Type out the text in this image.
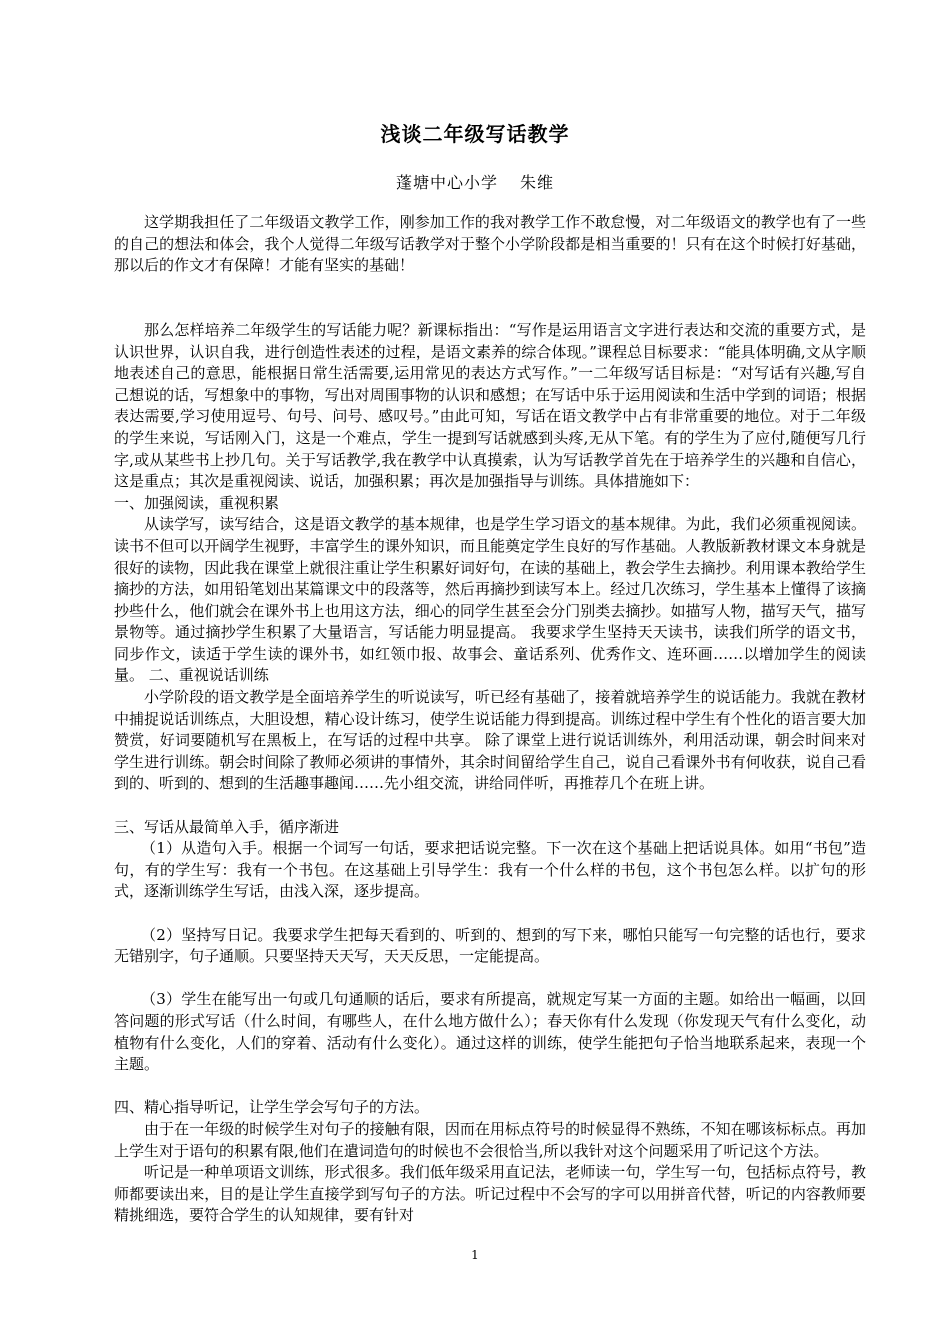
浅谈二年级写话教学
蓬塘中心小学 朱维

这学期我担任了二年级语文教学工作，刚参加工作的我对教学工作不敢怠慢，对二年级语文的教学也有了一些的自己的想法和体会，我个人觉得二年级写话教学对于整个小学阶段都是相当重要的！只有在这个时候打好基础，那以后的作文才有保障！才能有坚实的基础！

那么怎样培养二年级学生的写话能力呢？新课标指出：“写作是运用语言文字进行表达和交流的重要方式，是认识世界，认识自我，进行创造性表述的过程，是语文素养的综合体现。”课程总目标要求：“能具体明确,文从字顺地表述自己的意思，能根据日常生活需要,运用常见的表达方式写作。”一二年级写话目标是：“对写话有兴趣,写自己想说的话，写想象中的事物，写出对周围事物的认识和感想；在写话中乐于运用阅读和生活中学到的词语；根据表达需要,学习使用逗号、句号、问号、感叹号。”由此可知，写话在语文教学中占有非常重要的地位。对于二年级的学生来说，写话刚入门，这是一个难点，学生一提到写话就感到头疼,无从下笔。有的学生为了应付,随便写几行字,或从某些书上抄几句。关于写话教学,我在教学中认真摸索，认为写话教学首先在于培养学生的兴趣和自信心，这是重点；其次是重视阅读、说话，加强积累；再次是加强指导与训练。具体措施如下：

一、加强阅读，重视积累

从读学写，读写结合，这是语文教学的基本规律，也是学生学习语文的基本规律。为此，我们必须重视阅读。读书不但可以开阔学生视野，丰富学生的课外知识，而且能奠定学生良好的写作基础。人教版新教材课文本身就是很好的读物，因此我在课堂上就很注重让学生积累好词好句，在读的基础上，教会学生去摘抄。利用课本教给学生摘抄的方法，如用铅笔划出某篇课文中的段落等，然后再摘抄到读写本上。经过几次练习，学生基本上懂得了该摘抄些什么，他们就会在课外书上也用这方法，细心的同学生甚至会分门别类去摘抄。如描写人物，描写天气，描写景物等。通过摘抄学生积累了大量语言，写话能力明显提高。 我要求学生坚持天天读书，读我们所学的语文书，同步作文，读适于学生读的课外书，如红领巾报、故事会、童话系列、优秀作文、连环画……以增加学生的阅读量。 二、重视说话训练

小学阶段的语文教学是全面培养学生的听说读写，听已经有基础了，接着就培养学生的说话能力。我就在教材中捕捉说话训练点，大胆设想，精心设计练习，使学生说话能力得到提高。训练过程中学生有个性化的语言要大加赞赏，好词要随机写在黑板上，在写话的过程中共享。 除了课堂上进行说话训练外，利用活动课，朝会时间来对学生进行训练。朝会时间除了教师必须讲的事情外，其余时间留给学生自己，说自己看课外书有何收获，说自己看到的、听到的、想到的生活趣事趣闻……先小组交流，讲给同伴听，再推荐几个在班上讲。

三、写话从最简单入手，循序渐进

（1）从造句入手。根据一个词写一句话，要求把话说完整。下一次在这个基础上把话说具体。如用“书包”造句，有的学生写：我有一个书包。在这基础上引导学生：我有一个什么样的书包，这个书包怎么样。以扩句的形式，逐渐训练学生写话，由浅入深，逐步提高。

（2）坚持写日记。我要求学生把每天看到的、听到的、想到的写下来，哪怕只能写一句完整的话也行，要求无错别字，句子通顺。只要坚持天天写，天天反思，一定能提高。

（3）学生在能写出一句或几句通顺的话后，要求有所提高，就规定写某一方面的主题。如给出一幅画，以回答问题的形式写话（什么时间，有哪些人，在什么地方做什么）；春天你有什么发现（你发现天气有什么变化，动植物有什么变化，人们的穿着、活动有什么变化）。通过这样的训练，使学生能把句子恰当地联系起来，表现一个主题。

四、精心指导听记，让学生学会写句子的方法。

由于在一年级的时候学生对句子的接触有限，因而在用标点符号的时候显得不熟练，不知在哪该标标点。再加上学生对于语句的积累有限,他们在遣词造句的时候也不会很恰当,所以我针对这个问题采用了听记这个方法。

听记是一种单项语文训练，形式很多。我们低年级采用直记法，老师读一句，学生写一句，包括标点符号，教师都要读出来，目的是让学生直接学到写句子的方法。听记过程中不会写的字可以用拼音代替，听记的内容教师要精挑细选，要符合学生的认知规律，要有针对

1
